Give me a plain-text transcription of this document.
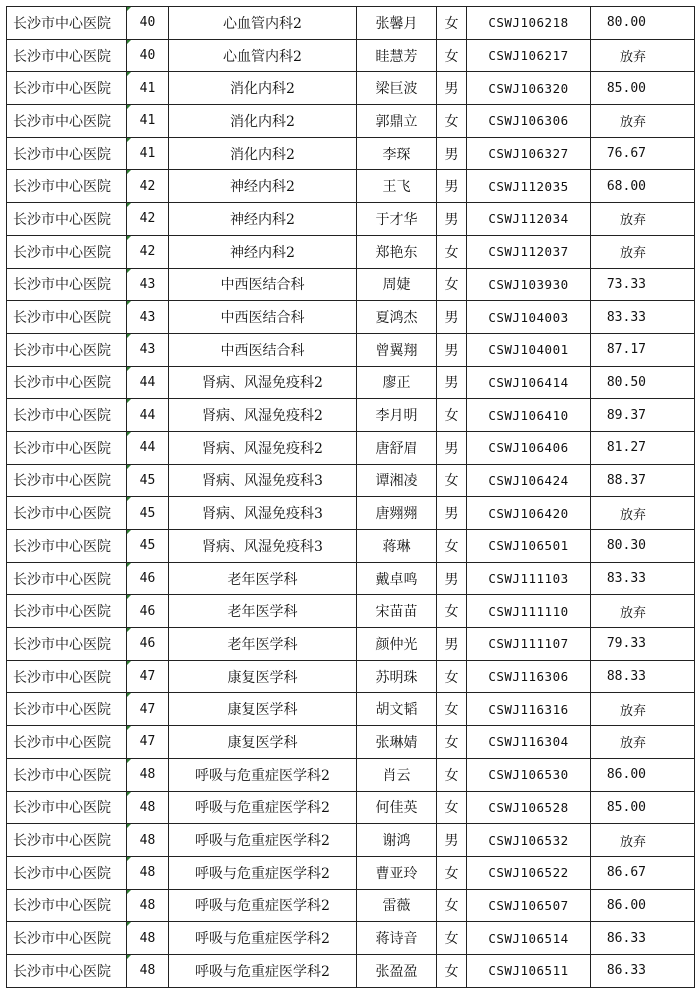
长沙市中心医院	40	心血管内科2	张馨月	女	CSWJ106218	80.00
长沙市中心医院	40	心血管内科2	眭慧芳	女	CSWJ106217	放弃
长沙市中心医院	41	消化内科2	梁巨波	男	CSWJ106320	85.00
长沙市中心医院	41	消化内科2	郭鼎立	女	CSWJ106306	放弃
长沙市中心医院	41	消化内科2	李琛	男	CSWJ106327	76.67
长沙市中心医院	42	神经内科2	王飞	男	CSWJ112035	68.00
长沙市中心医院	42	神经内科2	于才华	男	CSWJ112034	放弃
长沙市中心医院	42	神经内科2	郑艳东	女	CSWJ112037	放弃
长沙市中心医院	43	中西医结合科	周婕	女	CSWJ103930	73.33
长沙市中心医院	43	中西医结合科	夏鸿杰	男	CSWJ104003	83.33
长沙市中心医院	43	中西医结合科	曾翼翔	男	CSWJ104001	87.17
长沙市中心医院	44	肾病、风湿免疫科2	廖正	男	CSWJ106414	80.50
长沙市中心医院	44	肾病、风湿免疫科2	李月明	女	CSWJ106410	89.37
长沙市中心医院	44	肾病、风湿免疫科2	唐舒眉	男	CSWJ106406	81.27
长沙市中心医院	45	肾病、风湿免疫科3	谭湘凌	女	CSWJ106424	88.37
长沙市中心医院	45	肾病、风湿免疫科3	唐翙翙	男	CSWJ106420	放弃
长沙市中心医院	45	肾病、风湿免疫科3	蒋琳	女	CSWJ106501	80.30
长沙市中心医院	46	老年医学科	戴卓鸣	男	CSWJ111103	83.33
长沙市中心医院	46	老年医学科	宋苗苗	女	CSWJ111110	放弃
长沙市中心医院	46	老年医学科	颜仲光	男	CSWJ111107	79.33
长沙市中心医院	47	康复医学科	苏明珠	女	CSWJ116306	88.33
长沙市中心医院	47	康复医学科	胡文韬	女	CSWJ116316	放弃
长沙市中心医院	47	康复医学科	张琳婧	女	CSWJ116304	放弃
长沙市中心医院	48	呼吸与危重症医学科2	肖云	女	CSWJ106530	86.00
长沙市中心医院	48	呼吸与危重症医学科2	何佳英	女	CSWJ106528	85.00
长沙市中心医院	48	呼吸与危重症医学科2	谢鸿	男	CSWJ106532	放弃
长沙市中心医院	48	呼吸与危重症医学科2	曹亚玲	女	CSWJ106522	86.67
长沙市中心医院	48	呼吸与危重症医学科2	雷薇	女	CSWJ106507	86.00
长沙市中心医院	48	呼吸与危重症医学科2	蒋诗音	女	CSWJ106514	86.33
长沙市中心医院	48	呼吸与危重症医学科2	张盈盈	女	CSWJ106511	86.33
